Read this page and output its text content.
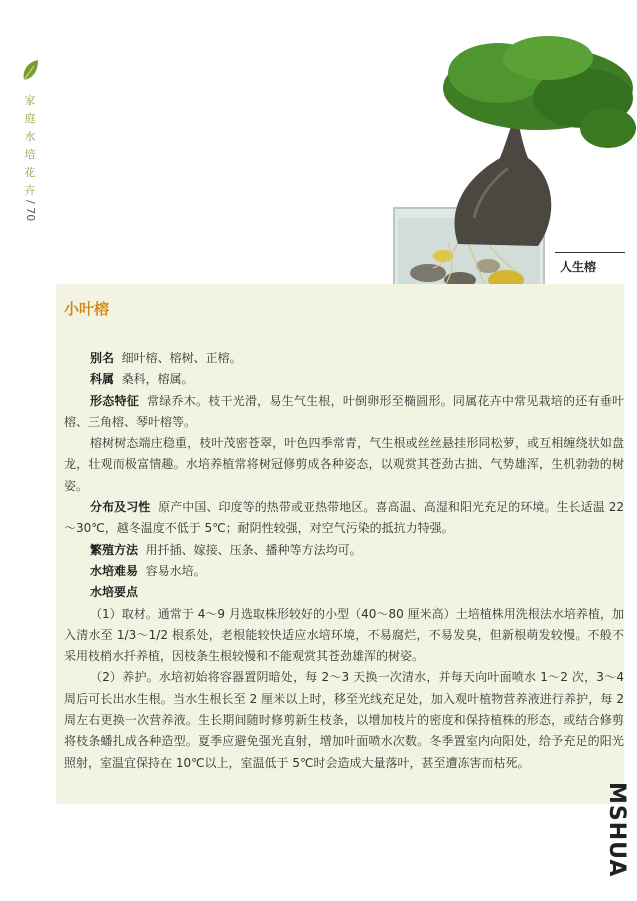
家
庭
水
培
花
卉
/ 70
人生榕
小叶榕

别名 细叶榕、榕树、正榕。

科属 桑科，榕属。

形态特征 常绿乔木。枝干光滑，易生气生根，叶倒卵形至椭圆形。同属花卉中常见栽培的还有垂叶榕、三角榕、琴叶榕等。

榕树树态端庄稳重，枝叶茂密苍翠，叶色四季常青，气生根或丝丝悬挂形同松萝，或互相缠绕状如盘龙，壮观而极富情趣。水培养植常将树冠修剪成各种姿态，以观赏其苍劲古拙、气势雄浑，生机勃勃的树姿。

分布及习性 原产中国、印度等的热带或亚热带地区。喜高温、高湿和阳光充足的环境。生长适温 22～30℃，越冬温度不低于 5℃；耐阴性较强，对空气污染的抵抗力特强。

繁殖方法 用扦插、嫁接、压条、播种等方法均可。

水培难易 容易水培。

水培要点

（1）取材。通常于 4～9 月选取株形较好的小型（40～80 厘米高）土培植株用洗根法水培养植，加入清水至 1/3～1/2 根系处，老根能较快适应水培环境，不易腐烂，不易发臭，但新根萌发较慢。不般不采用枝梢水扦养植，因枝条生根较慢和不能观赏其苍劲雄浑的树姿。

（2）养护。水培初始将容器置阴暗处，每 2～3 天换一次清水，并每天向叶面喷水 1～2 次，3～4 周后可长出水生根。当水生根长至 2 厘米以上时，移至光线充足处，加入观叶植物营养液进行养护，每 2 周左右更换一次营养液。生长期间随时修剪新生枝条，以增加枝片的密度和保持植株的形态，或结合修剪将枝条蟠扎成各种造型。夏季应避免强光直射，增加叶面喷水次数。冬季置室内向阳处，给予充足的阳光照射，室温宜保持在 10℃以上，室温低于 5℃时会造成大量落叶，甚至遭冻害而枯死。

MSHUA
